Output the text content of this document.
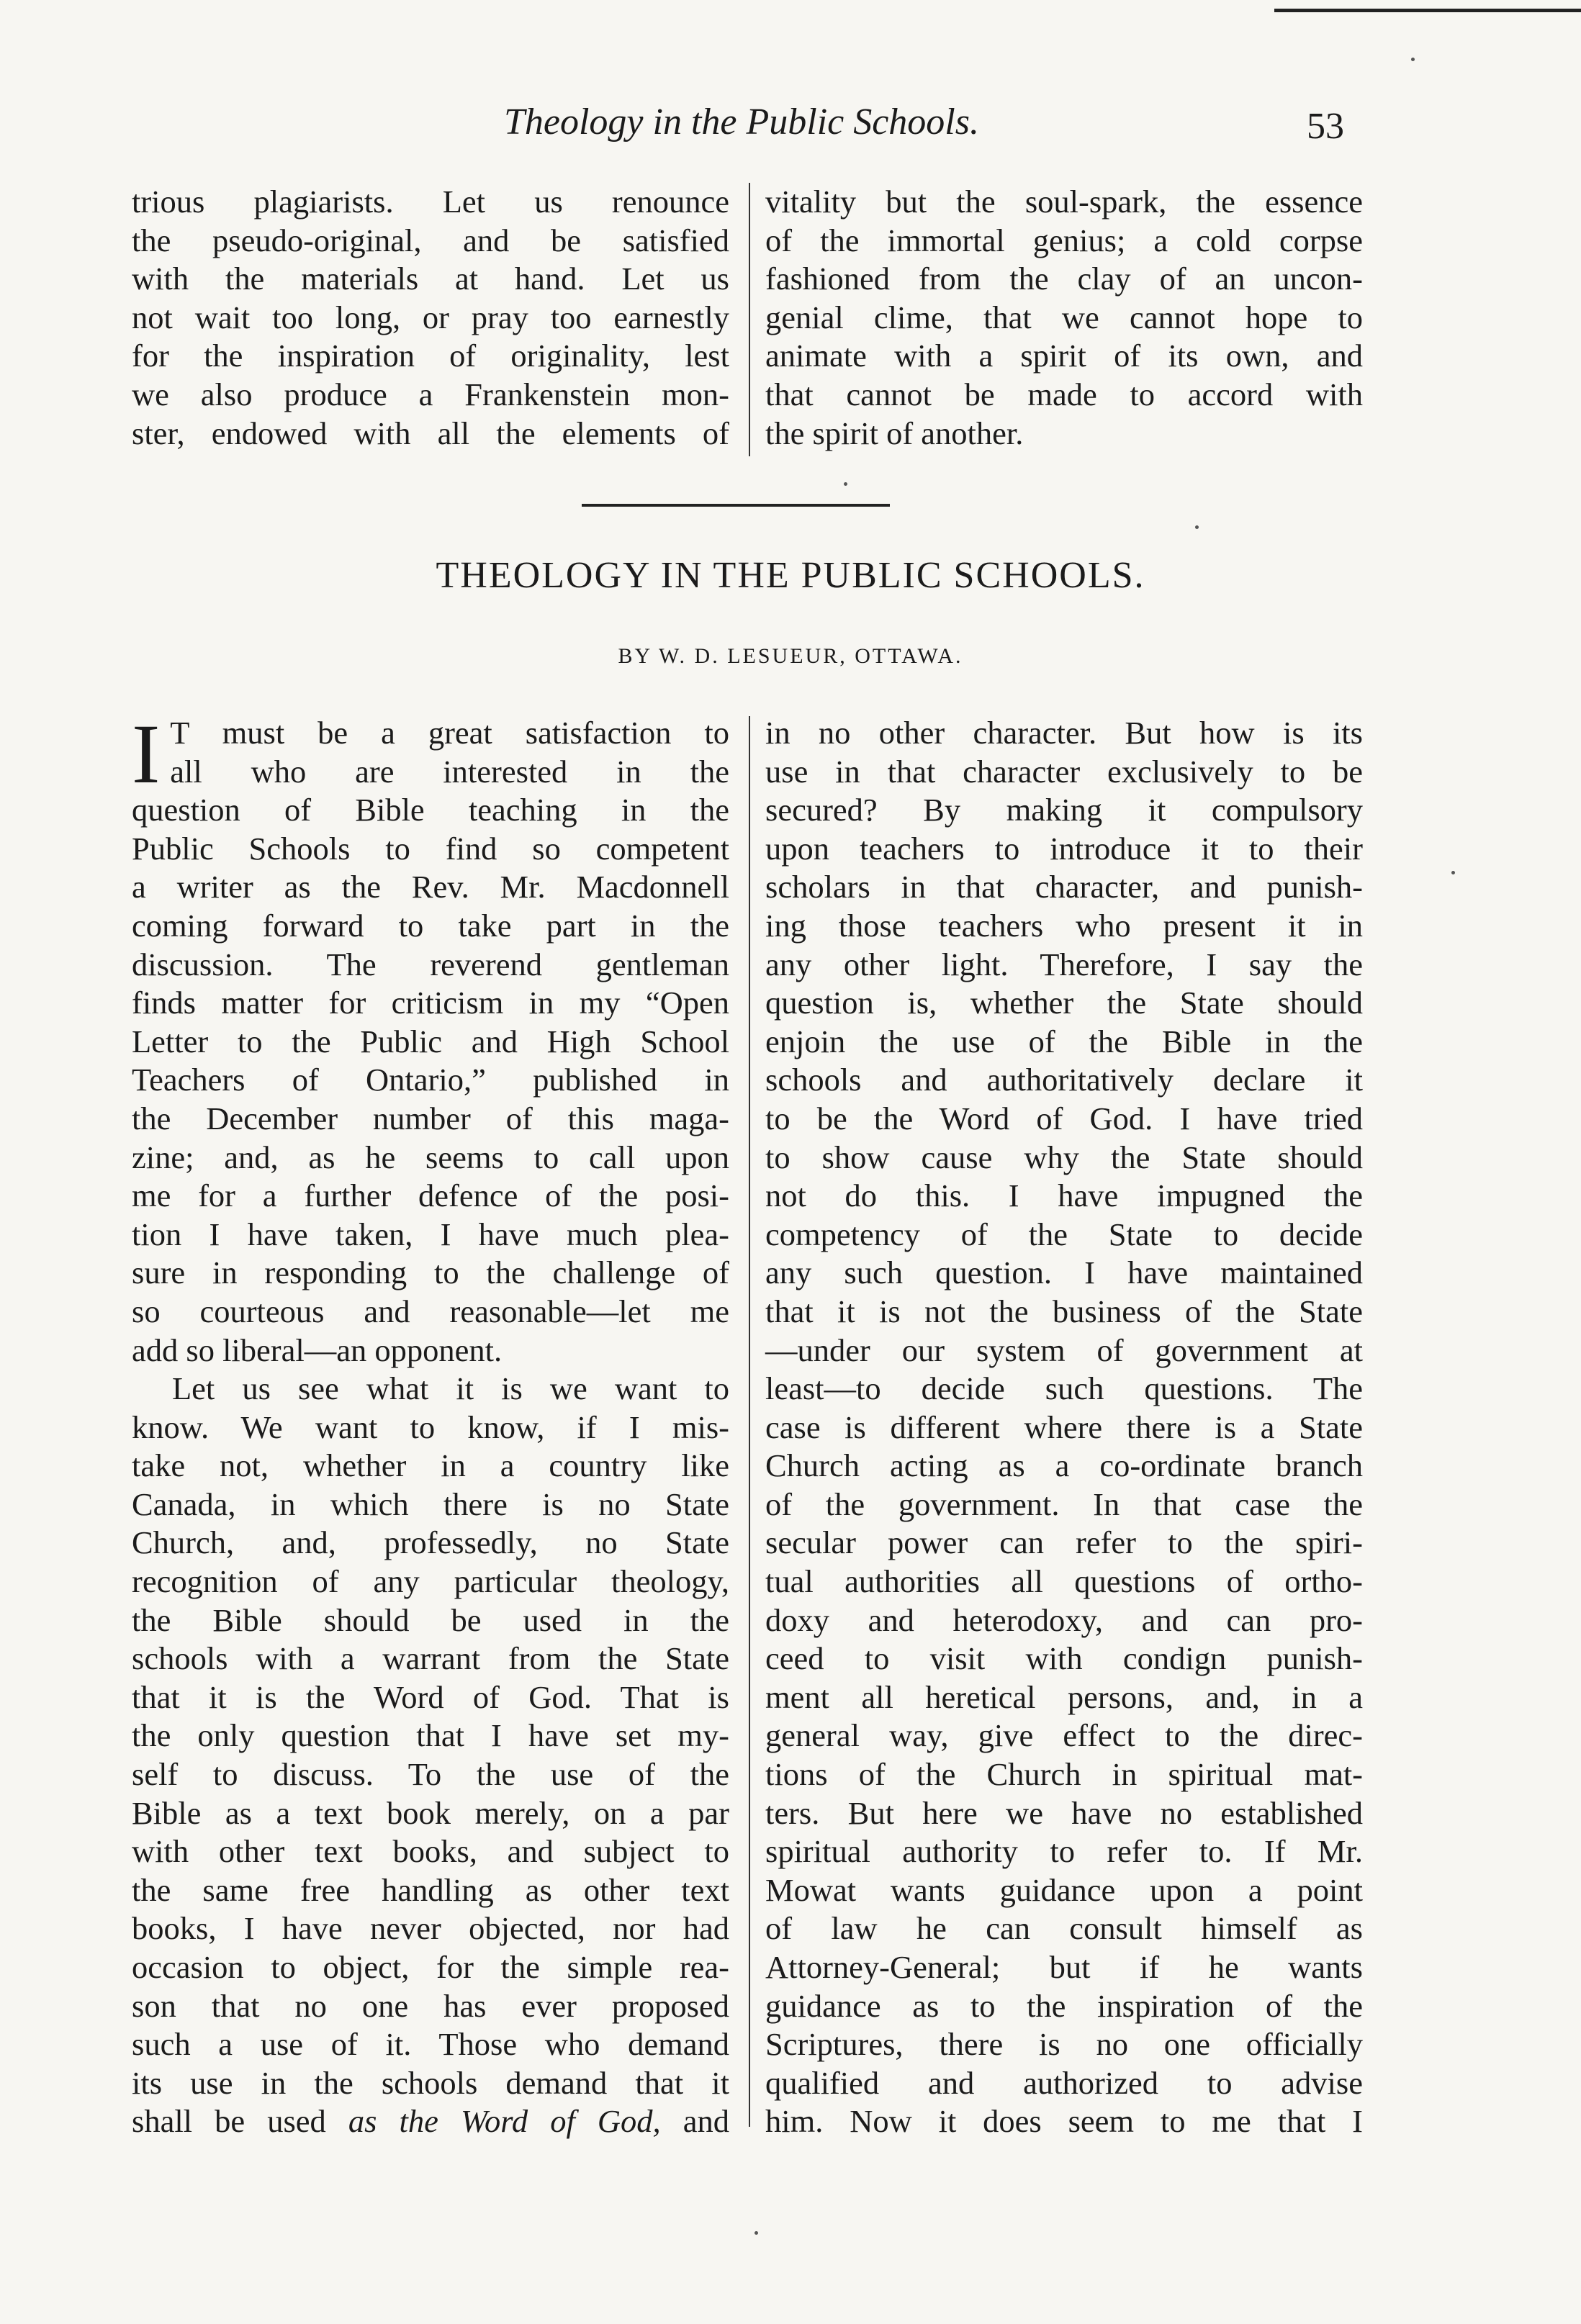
Theology in the Public Schools.	53
trious plagiarists. Let us renounce
the pseudo-original, and be satisfied
with the materials at hand. Let us
not wait too long, or pray too earnestly
for the inspiration of originality, lest
we also produce a Frankenstein mon-
ster, endowed with all the elements of
vitality but the soul-spark, the essence
of the immortal genius; a cold corpse
fashioned from the clay of an uncon-
genial clime, that we cannot hope to
animate with a spirit of its own, and
that cannot be made to accord with
the spirit of another.
THEOLOGY IN THE PUBLIC SCHOOLS.
BY W. D. LESUEUR, OTTAWA.
I T must be a great satisfaction to
all who are interested in the
question of Bible teaching in the
Public Schools to find so competent
a writer as the Rev. Mr. Macdonnell
coming forward to take part in the
discussion. The reverend gentleman
finds matter for criticism in my “Open
Letter to the Public and High School
Teachers of Ontario,” published in
the December number of this maga-
zine; and, as he seems to call upon
me for a further defence of the posi-
tion I have taken, I have much plea-
sure in responding to the challenge of
so courteous and reasonable—let me
add so liberal—an opponent.
Let us see what it is we want to
know. We want to know, if I mis-
take not, whether in a country like
Canada, in which there is no State
Church, and, professedly, no State
recognition of any particular theology,
the Bible should be used in the
schools with a warrant from the State
that it is the Word of God. That is
the only question that I have set my-
self to discuss. To the use of the
Bible as a text book merely, on a par
with other text books, and subject to
the same free handling as other text
books, I have never objected, nor had
occasion to object, for the simple rea-
son that no one has ever proposed
such a use of it. Those who demand
its use in the schools demand that it
shall be used as the Word of God, and
in no other character. But how is its
use in that character exclusively to be
secured? By making it compulsory
upon teachers to introduce it to their
scholars in that character, and punish-
ing those teachers who present it in
any other light. Therefore, I say the
question is, whether the State should
enjoin the use of the Bible in the
schools and authoritatively declare it
to be the Word of God. I have tried
to show cause why the State should
not do this. I have impugned the
competency of the State to decide
any such question. I have maintained
that it is not the business of the State
—under our system of government at
least—to decide such questions. The
case is different where there is a State
Church acting as a co-ordinate branch
of the government. In that case the
secular power can refer to the spiri-
tual authorities all questions of ortho-
doxy and heterodoxy, and can pro-
ceed to visit with condign punish-
ment all heretical persons, and, in a
general way, give effect to the direc-
tions of the Church in spiritual mat-
ters. But here we have no established
spiritual authority to refer to. If Mr.
Mowat wants guidance upon a point
of law he can consult himself as
Attorney-General; but if he wants
guidance as to the inspiration of the
Scriptures, there is no one officially
qualified and authorized to advise
him. Now it does seem to me that I
